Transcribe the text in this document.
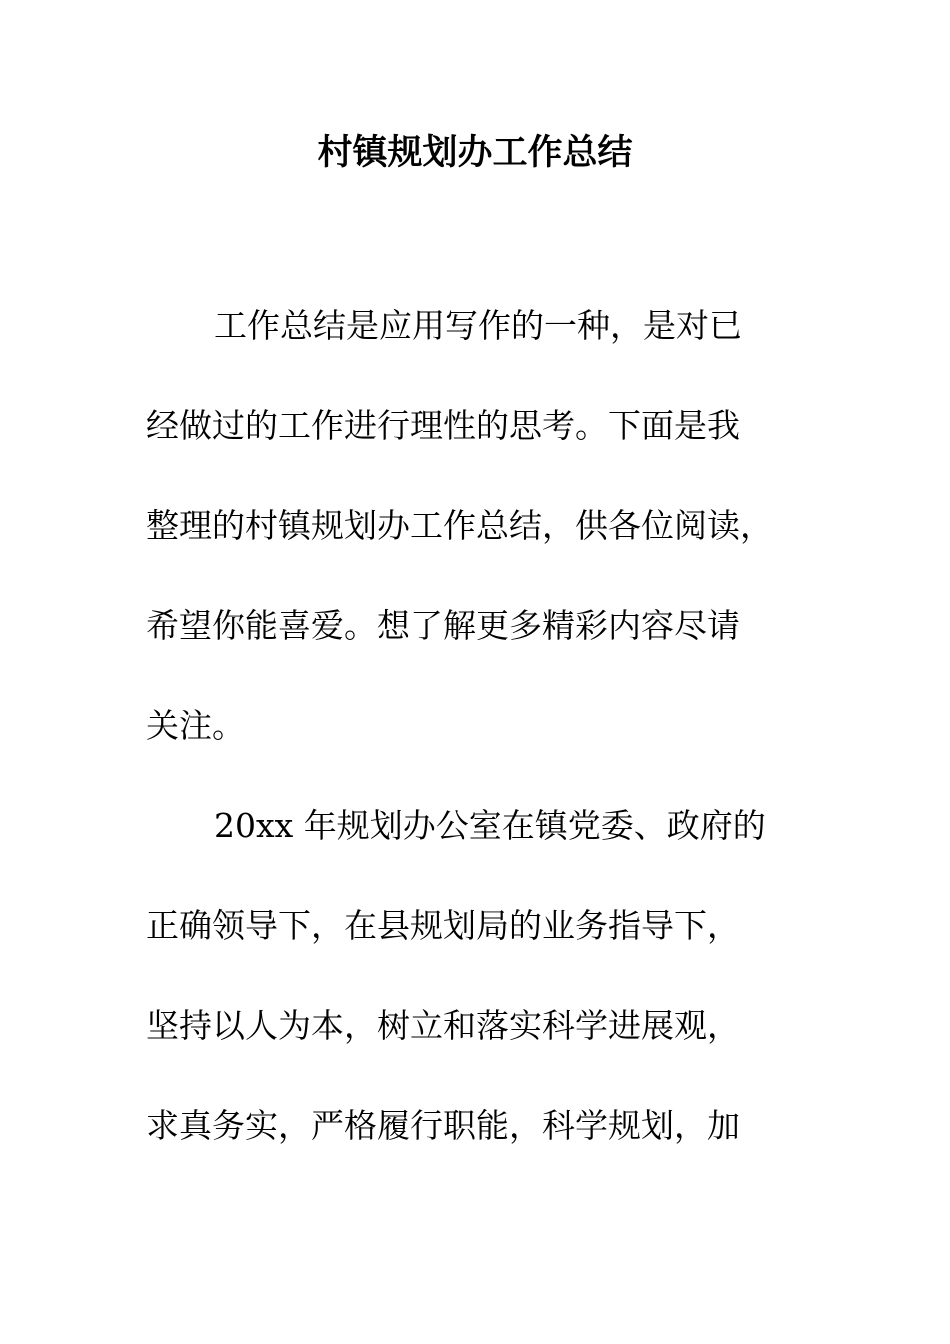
村镇规划办工作总结
工作总结是应用写作的一种，是对已
经做过的工作进行理性的思考。下面是我
整理的村镇规划办工作总结，供各位阅读，
希望你能喜爱。想了解更多精彩内容尽请
关注。
20xx 年规划办公室在镇党委、政府的
正确领导下，在县规划局的业务指导下，
坚持以人为本，树立和落实科学进展观，
求真务实，严格履行职能，科学规划，加
